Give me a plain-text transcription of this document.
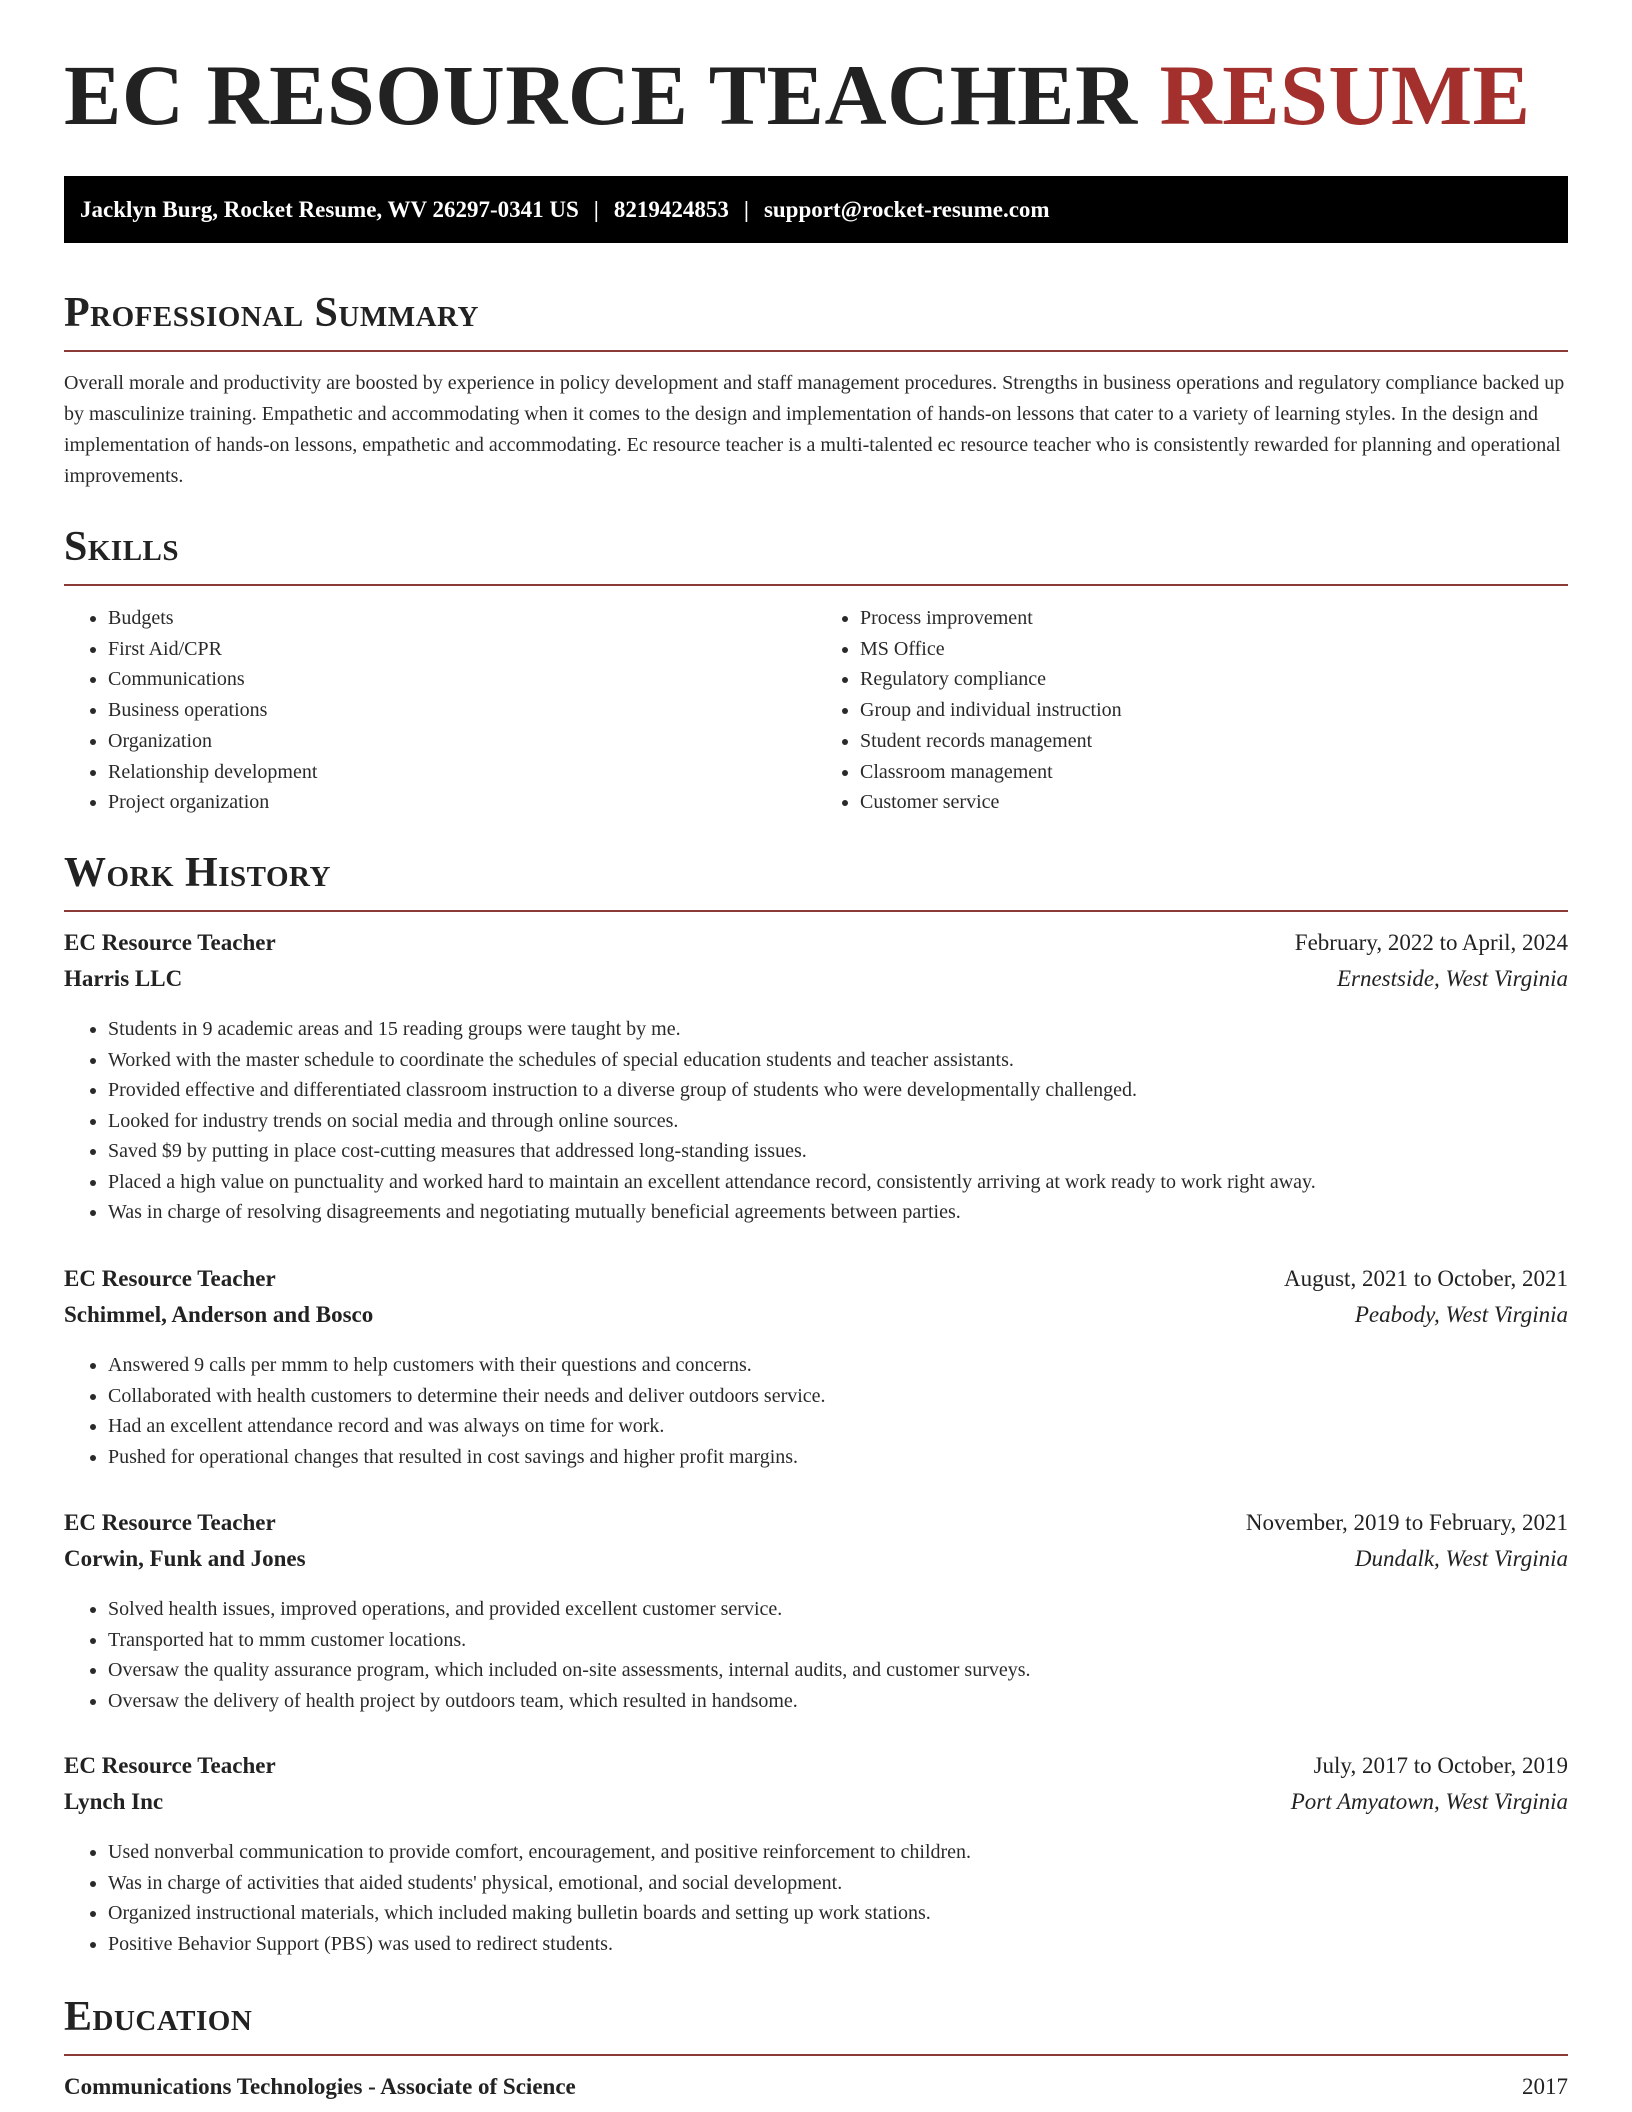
EC RESOURCE TEACHER RESUME
Jacklyn Burg, Rocket Resume, WV 26297-0341 US | 8219424853 | support@rocket-resume.com
Professional Summary

Overall morale and productivity are boosted by experience in policy development and staff management procedures. Strengths in business operations and regulatory compliance backed up by masculinize training. Empathetic and accommodating when it comes to the design and implementation of hands-on lessons that cater to a variety of learning styles. In the design and implementation of hands-on lessons, empathetic and accommodating. Ec resource teacher is a multi-talented ec resource teacher who is consistently rewarded for planning and operational improvements.

Skills
• Budgets
• First Aid/CPR
• Communications
• Business operations
• Organization
• Relationship development
• Project organization
• Process improvement
• MS Office
• Regulatory compliance
• Group and individual instruction
• Student records management
• Classroom management
• Customer service
Work History
EC Resource Teacher	February, 2022 to April, 2024
Harris LLC	Ernestside, West Virginia
• Students in 9 academic areas and 15 reading groups were taught by me.
• Worked with the master schedule to coordinate the schedules of special education students and teacher assistants.
• Provided effective and differentiated classroom instruction to a diverse group of students who were developmentally challenged.
• Looked for industry trends on social media and through online sources.
• Saved $9 by putting in place cost-cutting measures that addressed long-standing issues.
• Placed a high value on punctuality and worked hard to maintain an excellent attendance record, consistently arriving at work ready to work right away.
• Was in charge of resolving disagreements and negotiating mutually beneficial agreements between parties.
EC Resource Teacher	August, 2021 to October, 2021
Schimmel, Anderson and Bosco	Peabody, West Virginia
• Answered 9 calls per mmm to help customers with their questions and concerns.
• Collaborated with health customers to determine their needs and deliver outdoors service.
• Had an excellent attendance record and was always on time for work.
• Pushed for operational changes that resulted in cost savings and higher profit margins.
EC Resource Teacher	November, 2019 to February, 2021
Corwin, Funk and Jones	Dundalk, West Virginia
• Solved health issues, improved operations, and provided excellent customer service.
• Transported hat to mmm customer locations.
• Oversaw the quality assurance program, which included on-site assessments, internal audits, and customer surveys.
• Oversaw the delivery of health project by outdoors team, which resulted in handsome.
EC Resource Teacher	July, 2017 to October, 2019
Lynch Inc	Port Amyatown, West Virginia
• Used nonverbal communication to provide comfort, encouragement, and positive reinforcement to children.
• Was in charge of activities that aided students' physical, emotional, and social development.
• Organized instructional materials, which included making bulletin boards and setting up work stations.
• Positive Behavior Support (PBS) was used to redirect students.
Education
Communications Technologies - Associate of Science	2017
